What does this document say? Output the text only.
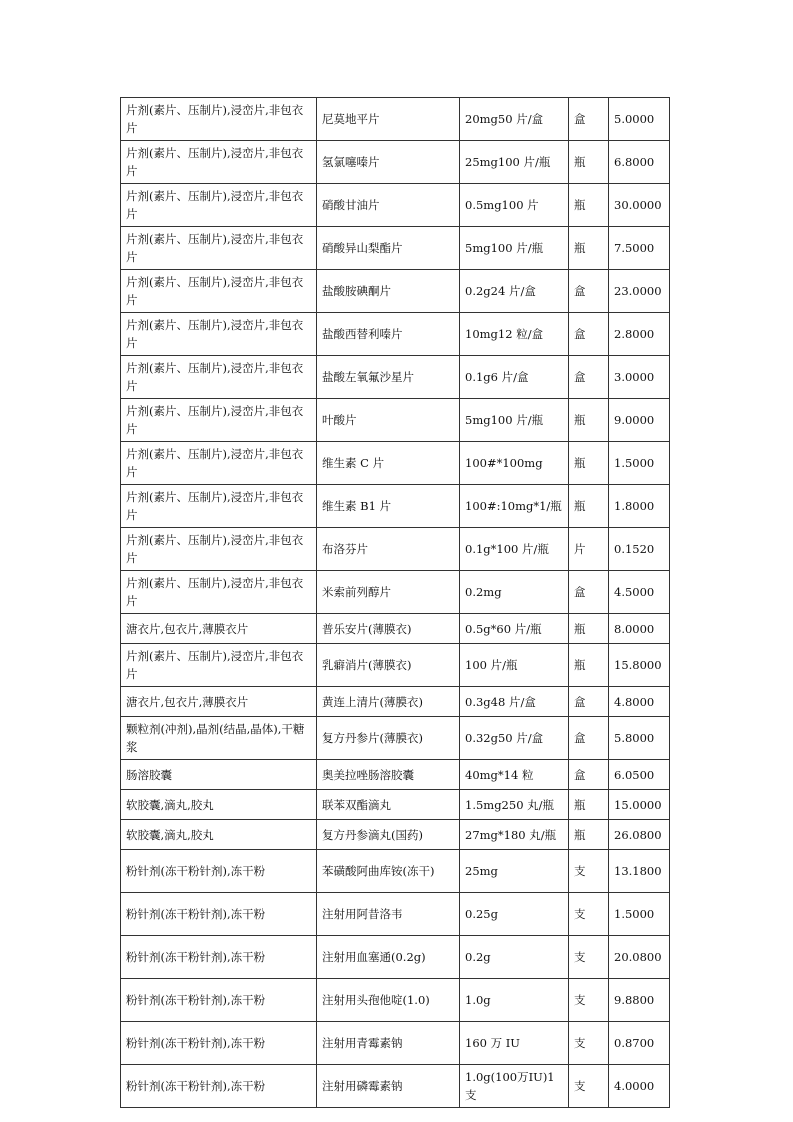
片剂(素片、压制片),浸峦片,非包衣片	尼莫地平片	20mg50 片/盒	盒	5.0000
片剂(素片、压制片),浸峦片,非包衣片	氢氯噻嗪片	25mg100 片/瓶	瓶	6.8000
片剂(素片、压制片),浸峦片,非包衣片	硝酸甘油片	0.5mg100 片	瓶	30.0000
片剂(素片、压制片),浸峦片,非包衣片	硝酸异山梨酯片	5mg100 片/瓶	瓶	7.5000
片剂(素片、压制片),浸峦片,非包衣片	盐酸胺碘酮片	0.2g24 片/盒	盒	23.0000
片剂(素片、压制片),浸峦片,非包衣片	盐酸西替利嗪片	10mg12 粒/盒	盒	2.8000
片剂(素片、压制片),浸峦片,非包衣片	盐酸左氧氟沙星片	0.1g6 片/盒	盒	3.0000
片剂(素片、压制片),浸峦片,非包衣片	叶酸片	5mg100 片/瓶	瓶	9.0000
片剂(素片、压制片),浸峦片,非包衣片	维生素 C 片	100#*100mg	瓶	1.5000
片剂(素片、压制片),浸峦片,非包衣片	维生素 B1 片	100#:10mg*1/瓶	瓶	1.8000
片剂(素片、压制片),浸峦片,非包衣片	布洛芬片	0.1g*100 片/瓶	片	0.1520
片剂(素片、压制片),浸峦片,非包衣片	米索前列醇片	0.2mg	盒	4.5000
溏衣片,包衣片,薄膜衣片	普乐安片(薄膜衣)	0.5g*60 片/瓶	瓶	8.0000
片剂(素片、压制片),浸峦片,非包衣片	乳癖消片(薄膜衣)	100 片/瓶	瓶	15.8000
溏衣片,包衣片,薄膜衣片	黄连上清片(薄膜衣)	0.3g48 片/盒	盒	4.8000
颗粒剂(冲剂),晶剂(结晶,晶体),干糖浆	复方丹参片(薄膜衣)	0.32g50 片/盒	盒	5.8000
肠溶胶囊	奥美拉唑肠溶胶囊	40mg*14 粒	盒	6.0500
软胶囊,滴丸,胶丸	联苯双酯滴丸	1.5mg250 丸/瓶	瓶	15.0000
软胶囊,滴丸,胶丸	复方丹参滴丸(国药)	27mg*180 丸/瓶	瓶	26.0800
粉针剂(冻干粉针剂),冻干粉	苯磺酸阿曲库铵(冻干)	25mg	支	13.1800
粉针剂(冻干粉针剂),冻干粉	注射用阿昔洛韦	0.25g	支	1.5000
粉针剂(冻干粉针剂),冻干粉	注射用血塞通(0.2g)	0.2g	支	20.0800
粉针剂(冻干粉针剂),冻干粉	注射用头孢他啶(1.0)	1.0g	支	9.8800
粉针剂(冻干粉针剂),冻干粉	注射用青霉素钠	160 万 IU	支	0.8700
粉针剂(冻干粉针剂),冻干粉	注射用磷霉素钠	1.0g(100万IU)1 支	支	4.0000
